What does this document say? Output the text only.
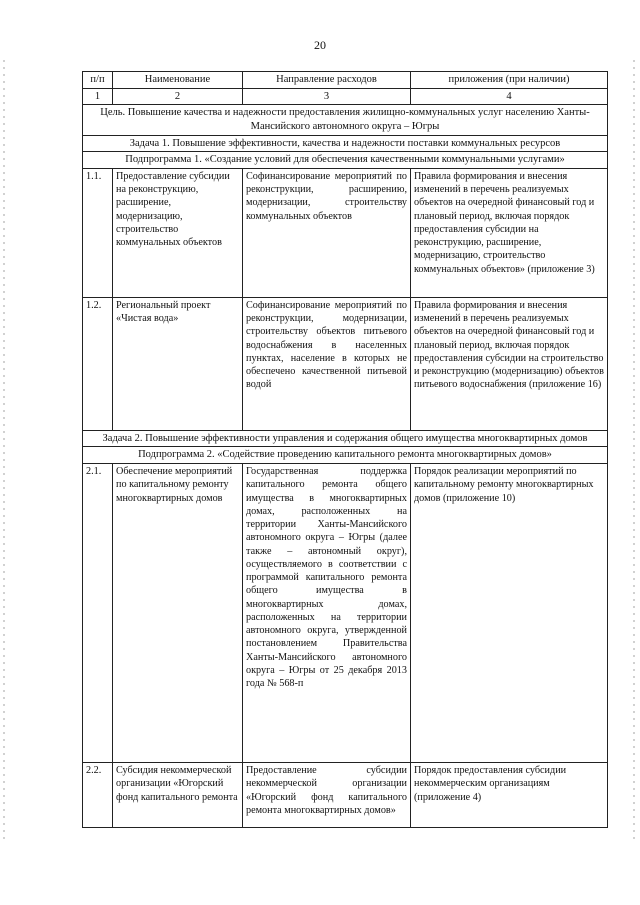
20
п/п	Наименование	Направление расходов	приложения (при наличии)
1	2	3	4
Цель. Повышение качества и надежности предоставления жилищно-коммунальных услуг населению Ханты-Мансийского автономного округа – Югры			
Задача 1. Повышение эффективности, качества и надежности поставки коммунальных ресурсов			
Подпрограмма 1. «Создание условий для обеспечения качественными коммунальными услугами»			
1.1.	Предоставление субсидии на реконструкцию, расширение, модернизацию, строительство коммунальных объектов	Софинансирование мероприятий по реконструкции, расширению, модернизации, строительству коммунальных объектов	Правила формирования и внесения изменений в перечень реализуемых объектов на очередной финансовый год и плановый период, включая порядок предоставления субсидии на реконструкцию, расширение, модернизацию, строительство коммунальных объектов» (приложение 3)
1.2.	Региональный проект «Чистая вода»	Софинансирование мероприятий по реконструкции, модернизации, строительству объектов питьевого водоснабжения в населенных пунктах, население в которых не обеспечено качественной питьевой водой	Правила формирования и внесения изменений в перечень реализуемых объектов на очередной финансовый год и плановый период, включая порядок предоставления субсидии на строительство и реконструкцию (модернизацию) объектов питьевого водоснабжения (приложение 16)
Задача 2. Повышение эффективности управления и содержания общего имущества многоквартирных домов			
Подпрограмма 2. «Содействие проведению капитального ремонта многоквартирных домов»			
2.1.	Обеспечение мероприятий по капитальному ремонту многоквартирных домов	Государственная поддержка капитального ремонта общего имущества в многоквартирных домах, расположенных на территории Ханты-Мансийского автономного округа – Югры (далее также – автономный округ), осуществляемого в соответствии с программой капитального ремонта общего имущества в многоквартирных домах, расположенных на территории автономного округа, утвержденной постановлением Правительства Ханты-Мансийского автономного округа – Югры от 25 декабря 2013 года № 568-п	Порядок реализации мероприятий по капитальному ремонту многоквартирных домов (приложение 10)
2.2.	Субсидия некоммерческой организации «Югорский фонд капитального ремонта	Предоставление субсидии некоммерческой организации «Югорский фонд капитального ремонта многоквартирных домов»	Порядок предоставления субсидии некоммерческим организациям (приложение 4)
